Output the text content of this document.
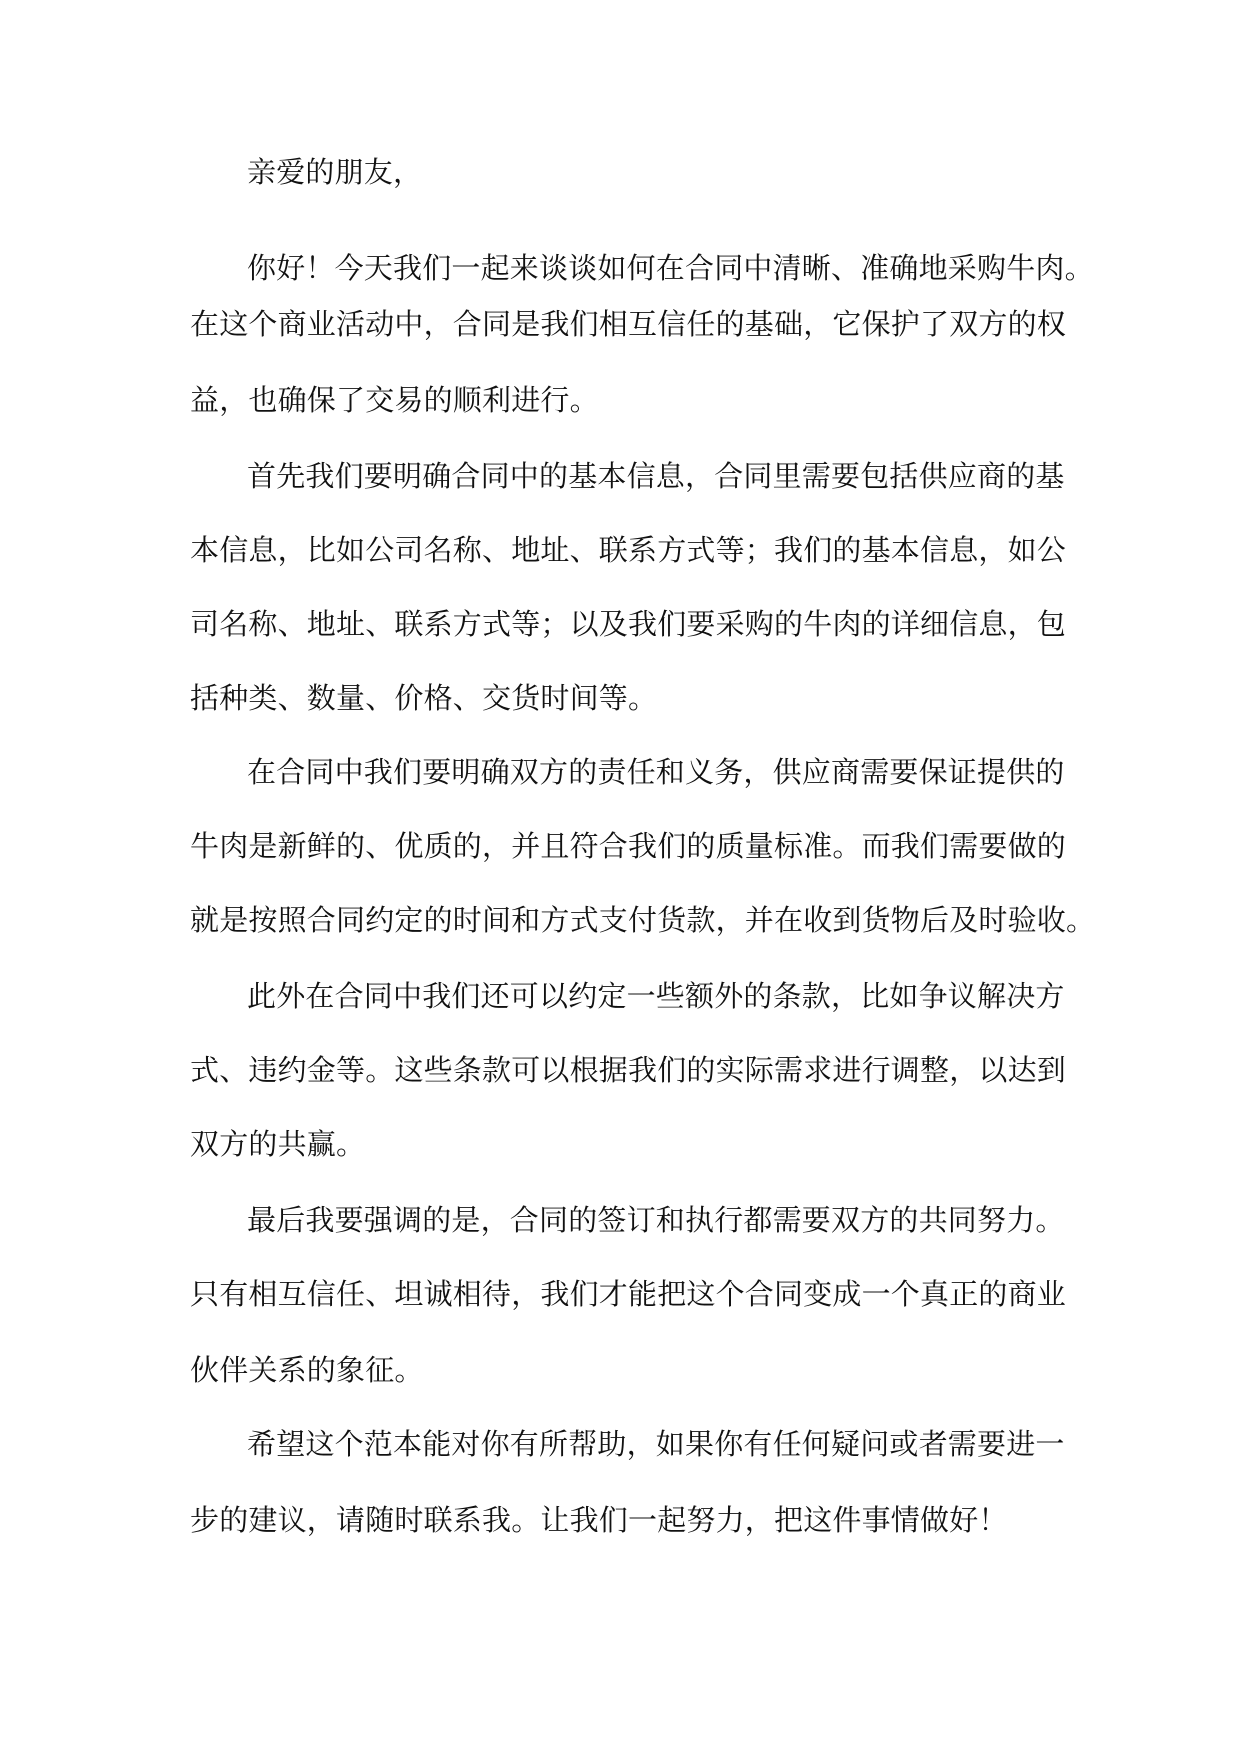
亲爱的朋友，

你好！今天我们一起来谈谈如何在合同中清晰、准确地采购牛肉。

在这个商业活动中，合同是我们相互信任的基础，它保护了双方的权

益，也确保了交易的顺利进行。

首先我们要明确合同中的基本信息，合同里需要包括供应商的基

本信息，比如公司名称、地址、联系方式等；我们的基本信息，如公

司名称、地址、联系方式等；以及我们要采购的牛肉的详细信息，包

括种类、数量、价格、交货时间等。

在合同中我们要明确双方的责任和义务，供应商需要保证提供的

牛肉是新鲜的、优质的，并且符合我们的质量标准。而我们需要做的

就是按照合同约定的时间和方式支付货款，并在收到货物后及时验收。

此外在合同中我们还可以约定一些额外的条款，比如争议解决方

式、违约金等。这些条款可以根据我们的实际需求进行调整，以达到

双方的共赢。

最后我要强调的是，合同的签订和执行都需要双方的共同努力。

只有相互信任、坦诚相待，我们才能把这个合同变成一个真正的商业

伙伴关系的象征。

希望这个范本能对你有所帮助，如果你有任何疑问或者需要进一

步的建议，请随时联系我。让我们一起努力，把这件事情做好！
